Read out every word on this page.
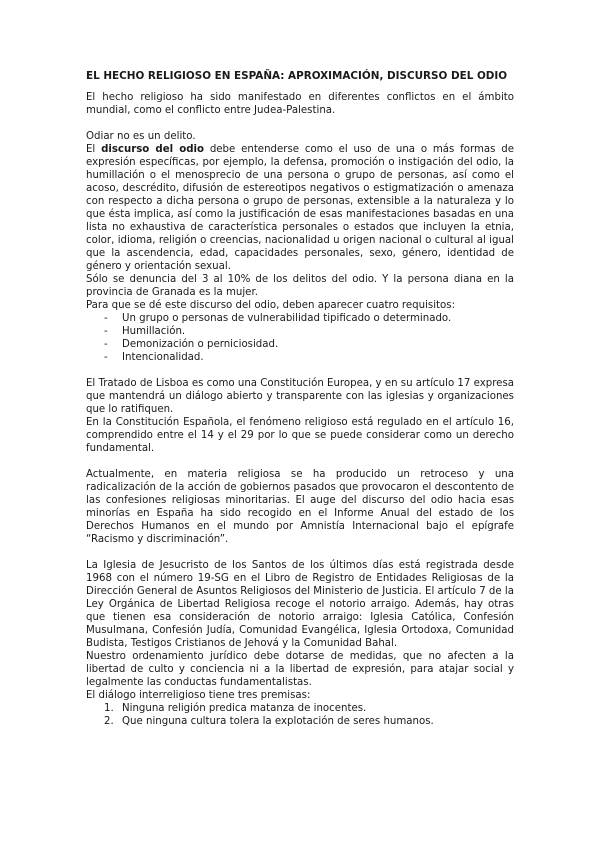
EL HECHO RELIGIOSO EN ESPAÑA: APROXIMACIÓN, DISCURSO DEL ODIO

El hecho religioso ha sido manifestado en diferentes conflictos en el ámbito mundial, como el conflicto entre Judea-Palestina.

Odiar no es un delito.

El discurso del odio debe entenderse como el uso de una o más formas de expresión específicas, por ejemplo, la defensa, promoción o instigación del odio, la humillación o el menosprecio de una persona o grupo de personas, así como el acoso, descrédito, difusión de estereotipos negativos o estigmatización o amenaza con respecto a dicha persona o grupo de personas, extensible a la naturaleza y lo que ésta implica, así como la justificación de esas manifestaciones basadas en una lista no exhaustiva de característica personales o estados que incluyen la etnia, color, idioma, religión o creencias, nacionalidad u origen nacional o cultural al igual que la ascendencia, edad, capacidades personales, sexo, género, identidad de género y orientación sexual.

Sólo se denuncia del 3 al 10% de los delitos del odio. Y la persona diana en la provincia de Granada es la mujer.

Para que se dé este discurso del odio, deben aparecer cuatro requisitos:

- Un grupo o personas de vulnerabilidad tipificado o determinado.
- Humillación.
- Demonización o perniciosidad.
- Intencionalidad.

El Tratado de Lisboa es como una Constitución Europea, y en su artículo 17 expresa que mantendrá un diálogo abierto y transparente con las iglesias y organizaciones que lo ratifiquen.

En la Constitución Española, el fenómeno religioso está regulado en el artículo 16, comprendido entre el 14 y el 29 por lo que se puede considerar como un derecho fundamental.

Actualmente, en materia religiosa se ha producido un retroceso y una radicalización de la acción de gobiernos pasados que provocaron el descontento de las confesiones religiosas minoritarias. El auge del discurso del odio hacia esas minorías en España ha sido recogido en el Informe Anual del estado de los Derechos Humanos en el mundo por Amnistía Internacional bajo el epígrafe “Racismo y discriminación”.

La Iglesia de Jesucristo de los Santos de los últimos días está registrada desde 1968 con el número 19-SG en el Libro de Registro de Entidades Religiosas de la Dirección General de Asuntos Religiosos del Ministerio de Justicia. El artículo 7 de la Ley Orgánica de Libertad Religiosa recoge el notorio arraigo. Además, hay otras que tienen esa consideración de notorio arraigo: Iglesia Católica, Confesión Musulmana, Confesión Judía, Comunidad Evangélica, Iglesia Ortodoxa, Comunidad Budista, Testigos Cristianos de Jehová y la Comunidad Bahal.

Nuestro ordenamiento jurídico debe dotarse de medidas, que no afecten a la libertad de culto y conciencia ni a la libertad de expresión, para atajar social y legalmente las conductas fundamentalistas.

El diálogo interreligioso tiene tres premisas:

1. Ninguna religión predica matanza de inocentes.
2. Que ninguna cultura tolera la explotación de seres humanos.
